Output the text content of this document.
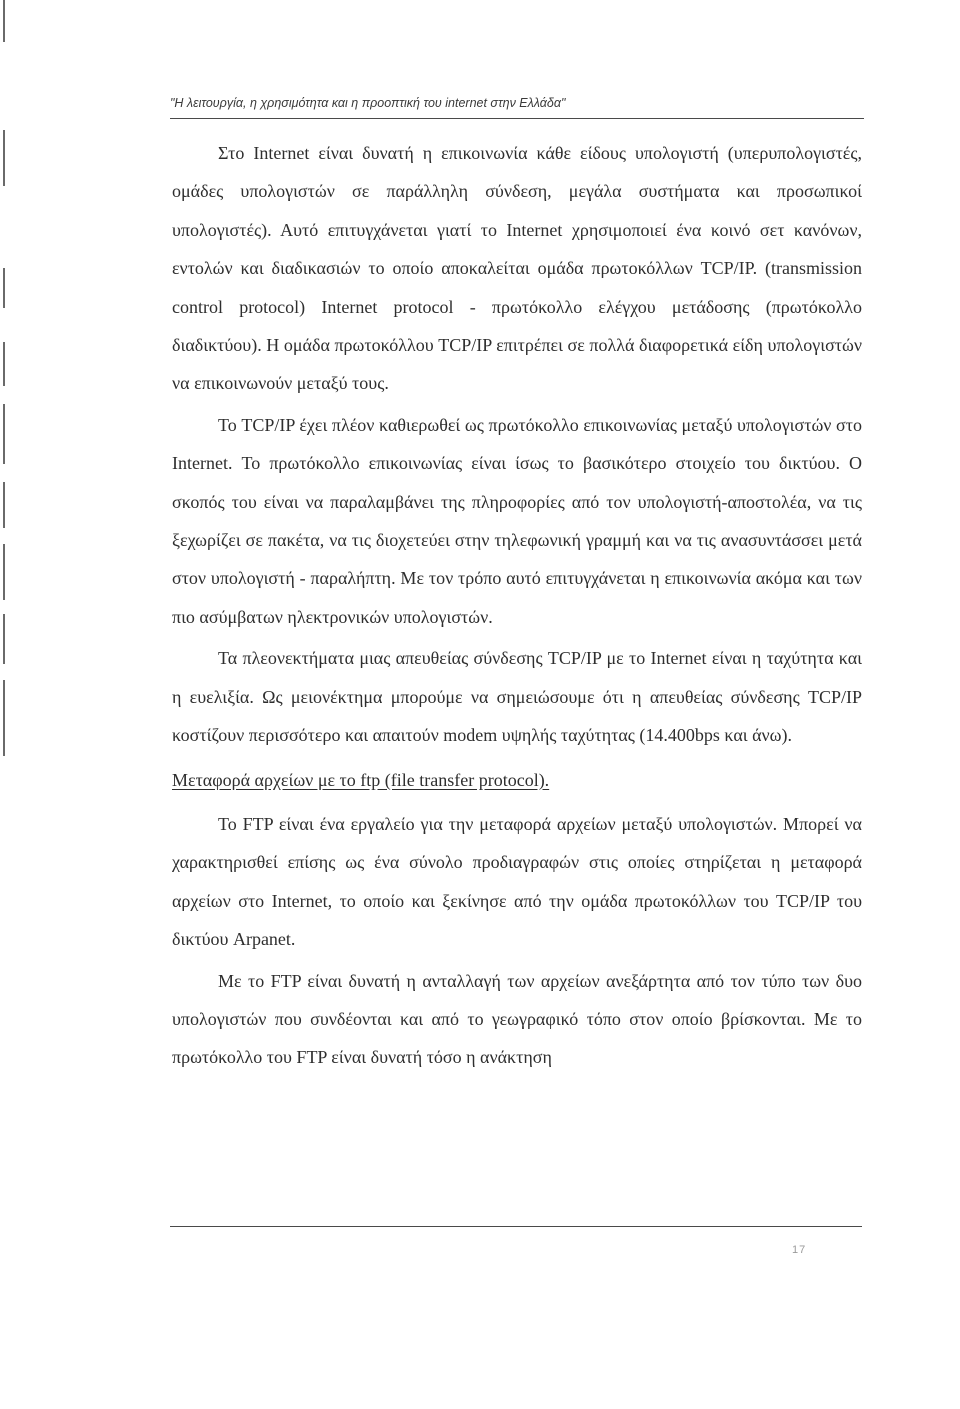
"Η λειτουργία, η χρησιμότητα και η προοπτική του internet στην Ελλάδα"

Στο Internet είναι δυνατή η επικοινωνία κάθε είδους υπολογιστή (υπερυπολογιστές, ομάδες υπολογιστών σε παράλληλη σύνδεση, μεγάλα συστήματα και προσωπικοί υπολογιστές). Αυτό επιτυγχάνεται γιατί το Internet χρησιμοποιεί ένα κοινό σετ κανόνων, εντολών και διαδικασιών το οποίο αποκαλείται ομάδα πρωτοκόλλων TCP/IP. (transmission control protocol) Internet protocol - πρωτόκολλο ελέγχου μετάδοσης (πρωτόκολλο διαδικτύου). Η ομάδα πρωτοκόλλου TCP/IP επιτρέπει σε πολλά διαφορετικά είδη υπολογιστών να επικοινωνούν μεταξύ τους.

Το TCP/IP έχει πλέον καθιερωθεί ως πρωτόκολλο επικοινωνίας μεταξύ υπολογιστών στο Internet. Το πρωτόκολλο επικοινωνίας είναι ίσως το βασικότερο στοιχείο του δικτύου. Ο σκοπός του είναι να παραλαμβάνει της πληροφορίες από τον υπολογιστή-αποστολέα, να τις ξεχωρίζει σε πακέτα, να τις διοχετεύει στην τηλεφωνική γραμμή και να τις ανασυντάσσει μετά στον υπολογιστή - παραλήπτη. Με τον τρόπο αυτό επιτυγχάνεται η επικοινωνία ακόμα και των πιο ασύμβατων ηλεκτρονικών υπολογιστών.

Τα πλεονεκτήματα μιας απευθείας σύνδεσης TCP/IP με το Internet είναι η ταχύτητα και η ευελιξία. Ως μειονέκτημα μπορούμε να σημειώσουμε ότι η απευθείας σύνδεσης TCP/IP κοστίζουν περισσότερο και απαιτούν modem υψηλής ταχύτητας (14.400bps και άνω).

Μεταφορά αρχείων με το ftp (file transfer protocol).

Το FTP είναι ένα εργαλείο για την μεταφορά αρχείων μεταξύ υπολογιστών. Μπορεί να χαρακτηρισθεί επίσης ως ένα σύνολο προδιαγραφών στις οποίες στηρίζεται η μεταφορά αρχείων στο Internet, το οποίο και ξεκίνησε από την ομάδα πρωτοκόλλων του TCP/IP του δικτύου Arpanet.

Με το FTP είναι δυνατή η ανταλλαγή των αρχείων ανεξάρτητα από τον τύπο των δυο υπολογιστών που συνδέονται και από το γεωγραφικό τόπο στον οποίο βρίσκονται. Με το πρωτόκολλο του FTP είναι δυνατή τόσο η ανάκτηση

17
